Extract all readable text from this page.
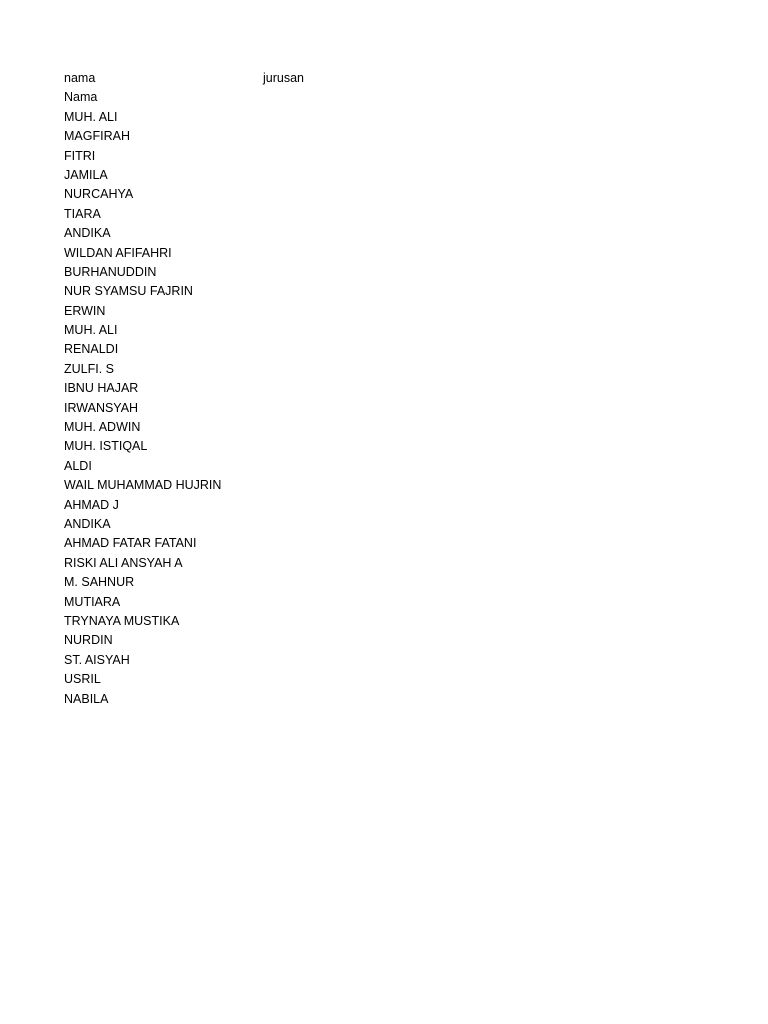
nama	jurusan
Nama
MUH. ALI
MAGFIRAH
FITRI
JAMILA
NURCAHYA
TIARA
ANDIKA
WILDAN AFIFAHRI
BURHANUDDIN
NUR SYAMSU FAJRIN
ERWIN
MUH. ALI
RENALDI
ZULFI. S
IBNU HAJAR
IRWANSYAH
MUH. ADWIN
MUH. ISTIQAL
ALDI
WAIL MUHAMMAD HUJRIN
AHMAD J
ANDIKA
AHMAD FATAR FATANI
RISKI ALI ANSYAH A
M. SAHNUR
MUTIARA
TRYNAYA MUSTIKA
NURDIN
ST. AISYAH
USRIL
NABILA
